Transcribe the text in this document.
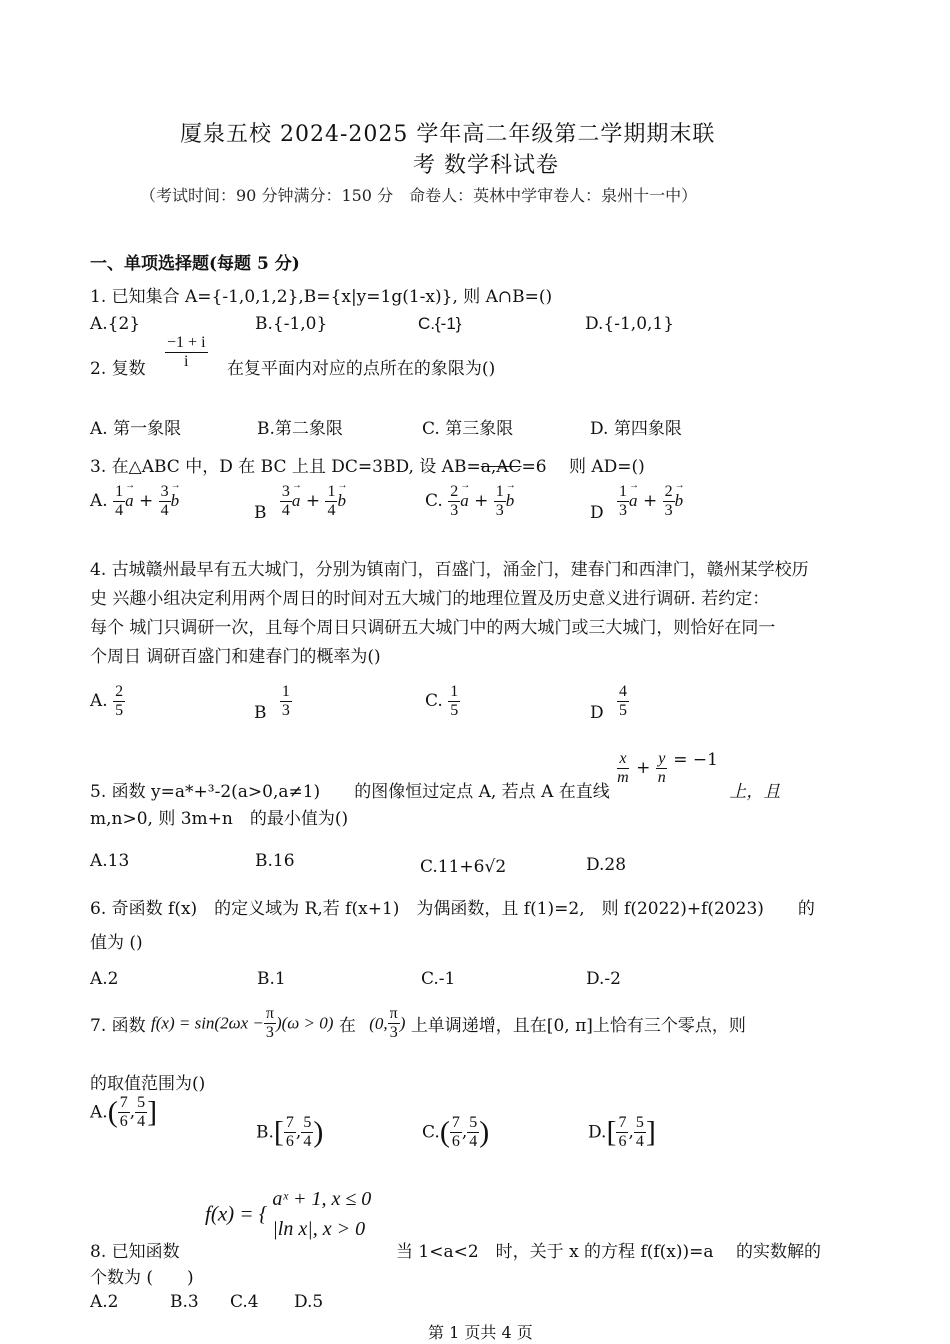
厦泉五校 2024-2025 学年高二年级第二学期期末联
考 数学科试卷
（考试时间：90 分钟满分：150 分　命卷人：英林中学审卷人：泉州十一中）
一、单项选择题(每题 5 分)
1. 已知集合 A={-1,0,1,2},B={x|y=1g(1-x)}, 则 A∩B=()
A.{2}	B.{-1,0}	C.{-1}	D.{-1,0,1}
2. 复数 $\frac{-1 + i}{i}$ 在复平面内对应的点所在的象限为()
A. 第一象限	B.第二象限	C. 第三象限	D. 第四象限
3. 在△ABC 中，D 在 BC 上且 DC=3BD, 设 AB=a,AC=6　 则 AD=()
A. $\frac{1}{4}$
→ $a + \frac{3}{4}$
→ b
B $\frac{3}{4}$
→ $a + \frac{1}{4}$
→ b	C. $\frac{2}{3}$
→ $a + \frac{1}{3}$
→ b
D $\frac{1}{3}$
→ $a + \frac{2}{3}$
→ b
4. 古城赣州最早有五大城门，分别为镇南门，百盛门，涌金门，建春门和西津门，赣州某学校历
史 兴趣小组决定利用两个周日的时间对五大城门的地理位置及历史意义进行调研. 若约定：
每个 城门只调研一次，且每个周日只调研五大城门中的两大城门或三大城门，则恰好在同一
个周日 调研百盛门和建春门的概率为()
A. $\frac{2}{5}$	B $\frac{1}{3}$	C. $\frac{1}{5}$	D $\frac{4}{5}$
5. 函数 y=a*+³-2(a>0,a≠1)　　的图像恒过定点 A, 若点 A 在直线
$\frac{x}{m} + \frac{y}{n} = -1$ 上，且
m,n>0, 则 3m+n　的最小值为()
A.13	B.16	C.11+6√2	D.28
6. 奇函数 f(x)　的定义域为 R,若 f(x+1)　为偶函数，且 f(1)=2,　则 f(2022)+f(2023)　　的
值为 ()
A.2	B.1	C.-1	D.-2
7. 函数 $f(x) = \sin(2\omega x - \frac{\pi}{3} )(\omega > 0)$ 在 (0, $\frac{\pi}{3}$ ) 上单调递增，且在[0, π]上恰有三个零点，则
的取值范围为()
$A.( \frac{7}{6}$ , $\frac{5}{4}$ ]
$B.[ \frac{7}{6}$ , $\frac{5}{4}$ )	$C.( \frac{7}{6}$ , $\frac{5}{4}$ )	$D.[ \frac{7}{6}$ , $\frac{5}{4}$ ]
f(x) = {
aˣ + 1, x ≤ 0
|ln x|, x > 0
8. 已知函数	当 1<a<2　时，关于 x 的方程 f(f(x))=a　 的实数解的
个数为 (　　)
A.2	B.3 C.4 D.5
第 1 页共 4 页
